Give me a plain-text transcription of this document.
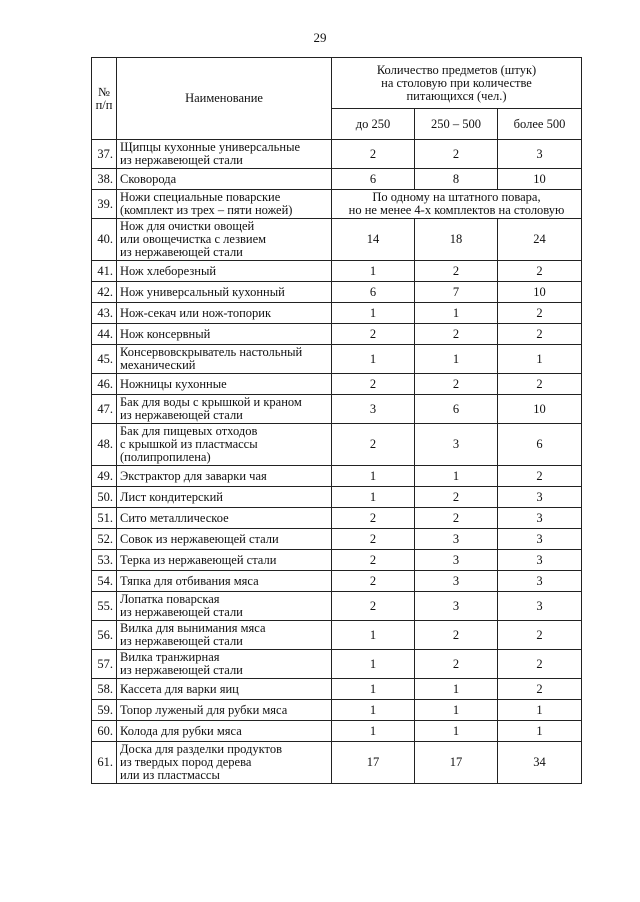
29
№
п/п	Наименование	Количество предметов (штук)
на столовую при количестве
питающихся (чел.)		
		до 250	250 – 500	более 500
37.	Щипцы кухонные универсальные
из нержавеющей стали	2	2	3
38.	Сковорода	6	8	10
39.	Ножи специальные поварские
(комплект из трех – пяти ножей)	По одному на штатного повара,
но не менее 4-х комплектов на столовую		
40.	Нож для очистки овощей
или овощечистка с лезвием
из нержавеющей стали	14	18	24
41.	Нож хлеборезный	1	2	2
42.	Нож универсальный кухонный	6	7	10
43.	Нож-секач или нож-топорик	1	1	2
44.	Нож консервный	2	2	2
45.	Консервовскрыватель настольный
механический	1	1	1
46.	Ножницы кухонные	2	2	2
47.	Бак для воды с крышкой и краном
из нержавеющей стали	3	6	10
48.	Бак для пищевых отходов
с крышкой из пластмассы
(полипропилена)	2	3	6
49.	Экстрактор для заварки чая	1	1	2
50.	Лист кондитерский	1	2	3
51.	Сито металлическое	2	2	3
52.	Совок из нержавеющей стали	2	3	3
53.	Терка из нержавеющей стали	2	3	3
54.	Тяпка для отбивания мяса	2	3	3
55.	Лопатка поварская
из нержавеющей стали	2	3	3
56.	Вилка для вынимания мяса
из нержавеющей стали	1	2	2
57.	Вилка транжирная
из нержавеющей стали	1	2	2
58.	Кассета для варки яиц	1	1	2
59.	Топор луженый для рубки мяса	1	1	1
60.	Колода для рубки мяса	1	1	1
61.	Доска для разделки продуктов
из твердых пород дерева
или из пластмассы	17	17	34
